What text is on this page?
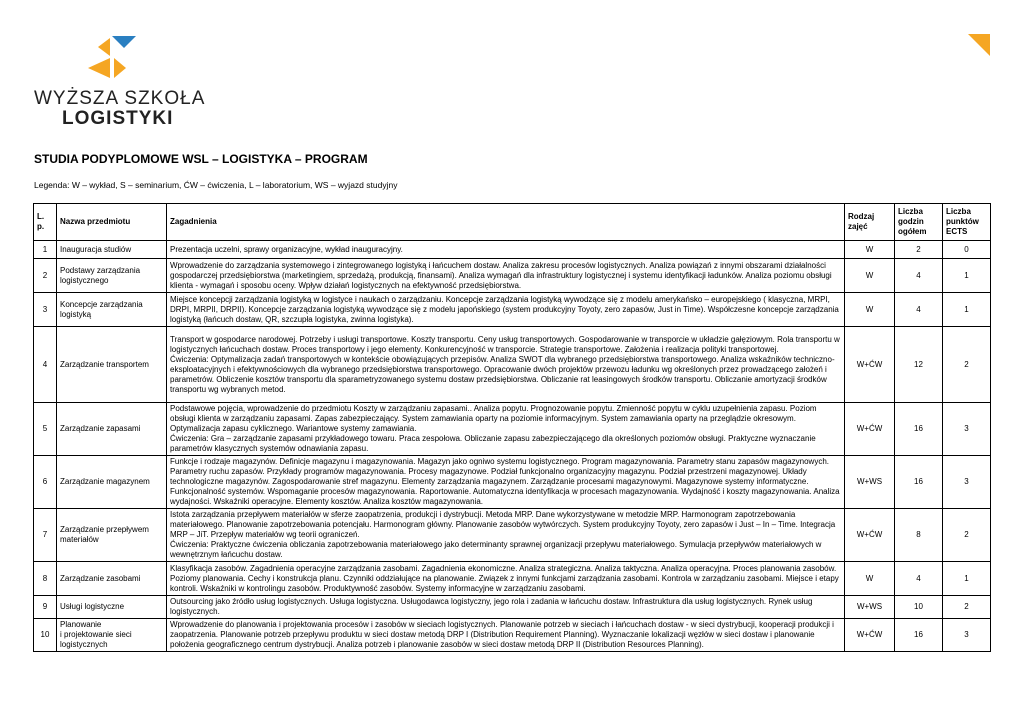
WYŻSZA SZKOŁA
LOGISTYKI
STUDIA PODYPLOMOWE WSL – LOGISTYKA – PROGRAM
Legenda: W – wykład, S – seminarium, ĆW – ćwiczenia, L – laboratorium, WS – wyjazd studyjny
L. p.	Nazwa przedmiotu	Zagadnienia	Rodzaj zajęć	Liczba godzin ogółem	Liczba punktów ECTS
1	Inauguracja studiów	Prezentacja uczelni, sprawy organizacyjne, wykład inauguracyjny.	W	2	0
2	Podstawy zarządzania logistycznego	Wprowadzenie do zarządzania systemowego i zintegrowanego logistyką i łańcuchem dostaw. Analiza zakresu procesów logistycznych. Analiza powiązań z innymi obszarami działalności gospodarczej przedsiębiorstwa (marketingiem, sprzedażą, produkcją, finansami). Analiza wymagań dla infrastruktury logistycznej i systemu identyfikacji ładunków. Analiza poziomu obsługi klienta - wymagań i sposobu oceny. Wpływ działań logistycznych na efektywność przedsiębiorstwa.	W	4	1
3	Koncepcje zarządzania logistyką	Miejsce koncepcji zarządzania logistyką w logistyce i naukach o zarządzaniu. Koncepcje zarządzania logistyką wywodzące się z modelu amerykańsko – europejskiego ( klasyczna, MRPI, DRPI, MRPII, DRPII). Koncepcje zarządzania logistyką wywodzące się z modelu japońskiego (system produkcyjny Toyoty, zero zapasów, Just in Time). Współczesne koncepcje zarządzania logistyką (łańcuch dostaw, QR, szczupła logistyka, zwinna logistyka).	W	4	1
4	Zarządzanie transportem	Transport w gospodarce narodowej. Potrzeby i usługi transportowe. Koszty transportu. Ceny usług transportowych. Gospodarowanie w transporcie w układzie gałęziowym. Rola transportu w logistycznych łańcuchach dostaw. Proces transportowy i jego elementy. Konkurencyjność w transporcie. Strategie transportowe. Założenia i realizacja polityki transportowej.
Ćwiczenia: Optymalizacja zadań transportowych w kontekście obowiązujących przepisów. Analiza SWOT dla wybranego przedsiębiorstwa transportowego. Analiza wskaźników techniczno-eksploatacyjnych i efektywnościowych dla wybranego przedsiębiorstwa transportowego. Opracowanie dwóch projektów przewozu ładunku wg określonych przez prowadzącego założeń i parametrów. Obliczenie kosztów transportu dla sparametryzowanego systemu dostaw przedsiębiorstwa. Obliczanie rat leasingowych środków transportu. Obliczanie amortyzacji środków transportu wg wybranych metod.	W+ĆW	12	2
5	Zarządzanie zapasami	Podstawowe pojęcia, wprowadzenie do przedmiotu Koszty w zarządzaniu zapasami.. Analiza popytu. Prognozowanie popytu. Zmienność popytu w cyklu uzupełnienia zapasu. Poziom obsługi klienta w zarządzaniu zapasami. Zapas zabezpieczający. System zamawiania oparty na poziomie informacyjnym. System zamawiania oparty na przeglądzie okresowym. Optymalizacja zapasu cyklicznego. Wariantowe systemy zamawiania.
Ćwiczenia: Gra – zarządzanie zapasami przykładowego towaru. Praca zespołowa. Obliczanie zapasu zabezpieczającego dla określonych poziomów obsługi. Praktyczne wyznaczanie parametrów klasycznych systemów odnawiania zapasu.	W+ĆW	16	3
6	Zarządzanie magazynem	Funkcje i rodzaje magazynów. Definicje magazynu i magazynowania. Magazyn jako ogniwo systemu logistycznego. Program magazynowania. Parametry stanu zapasów magazynowych. Parametry ruchu zapasów. Przykłady programów magazynowania. Procesy magazynowe. Podział funkcjonalno organizacyjny magazynu. Podział przestrzeni magazynowej. Układy technologiczne magazynów. Zagospodarowanie stref magazynu. Elementy zarządzania magazynem. Zarządzanie procesami magazynowymi. Magazynowe systemy informatyczne. Funkcjonalność systemów. Wspomaganie procesów magazynowania. Raportowanie. Automatyczna identyfikacja w procesach magazynowania. Wydajność i koszty magazynowania. Analiza wydajności. Wskaźniki operacyjne. Elementy kosztów. Analiza kosztów magazynowania.	W+WS	16	3
7	Zarządzanie przepływem materiałów	Istota zarządzania przepływem materiałów w sferze zaopatrzenia, produkcji i dystrybucji. Metoda MRP. Dane wykorzystywane w metodzie MRP. Harmonogram zapotrzebowania materiałowego. Planowanie zapotrzebowania potencjału. Harmonogram główny. Planowanie zasobów wytwórczych. System produkcyjny Toyoty, zero zapasów i Just – In – Time. Integracja MRP – JiT. Przepływ materiałów wg teorii ograniczeń.
Ćwiczenia: Praktyczne ćwiczenia obliczania zapotrzebowania materiałowego jako determinanty sprawnej organizacji przepływu materiałowego. Symulacja przepływów materiałowych w wewnętrznym łańcuchu dostaw.	W+ĆW	8	2
8	Zarządzanie zasobami	Klasyfikacja zasobów. Zagadnienia operacyjne zarządzania zasobami. Zagadnienia ekonomiczne. Analiza strategiczna. Analiza taktyczna. Analiza operacyjna. Proces planowania zasobów. Poziomy planowania. Cechy i konstrukcja planu. Czynniki oddziałujące na planowanie. Związek z innymi funkcjami zarządzania zasobami. Kontrola w zarządzaniu zasobami. Miejsce i etapy kontroli. Wskaźniki w kontrolingu zasobów. Produktywność zasobów. Systemy informacyjne w zarządzaniu zasobami.	W	4	1
9	Usługi logistyczne	Outsourcing jako źródło usług logistycznych. Usługa logistyczna. Usługodawca logistyczny, jego rola i zadania w łańcuchu dostaw. Infrastruktura dla usług logistycznych. Rynek usług logistycznych.	W+WS	10	2
10	Planowanie
i projektowanie sieci logistycznych	Wprowadzenie do planowania i projektowania procesów i zasobów w sieciach logistycznych. Planowanie potrzeb w sieciach i łańcuchach dostaw - w sieci dystrybucji, kooperacji produkcji i zaopatrzenia. Planowanie potrzeb przepływu produktu w sieci dostaw metodą DRP I (Distribution Requirement Planning). Wyznaczanie lokalizacji węzłów w sieci dostaw i planowanie położenia geograficznego centrum dystrybucji. Analiza potrzeb i planowanie zasobów w sieci dostaw metodą DRP II (Distribution Resources Planning).	W+ĆW	16	3
